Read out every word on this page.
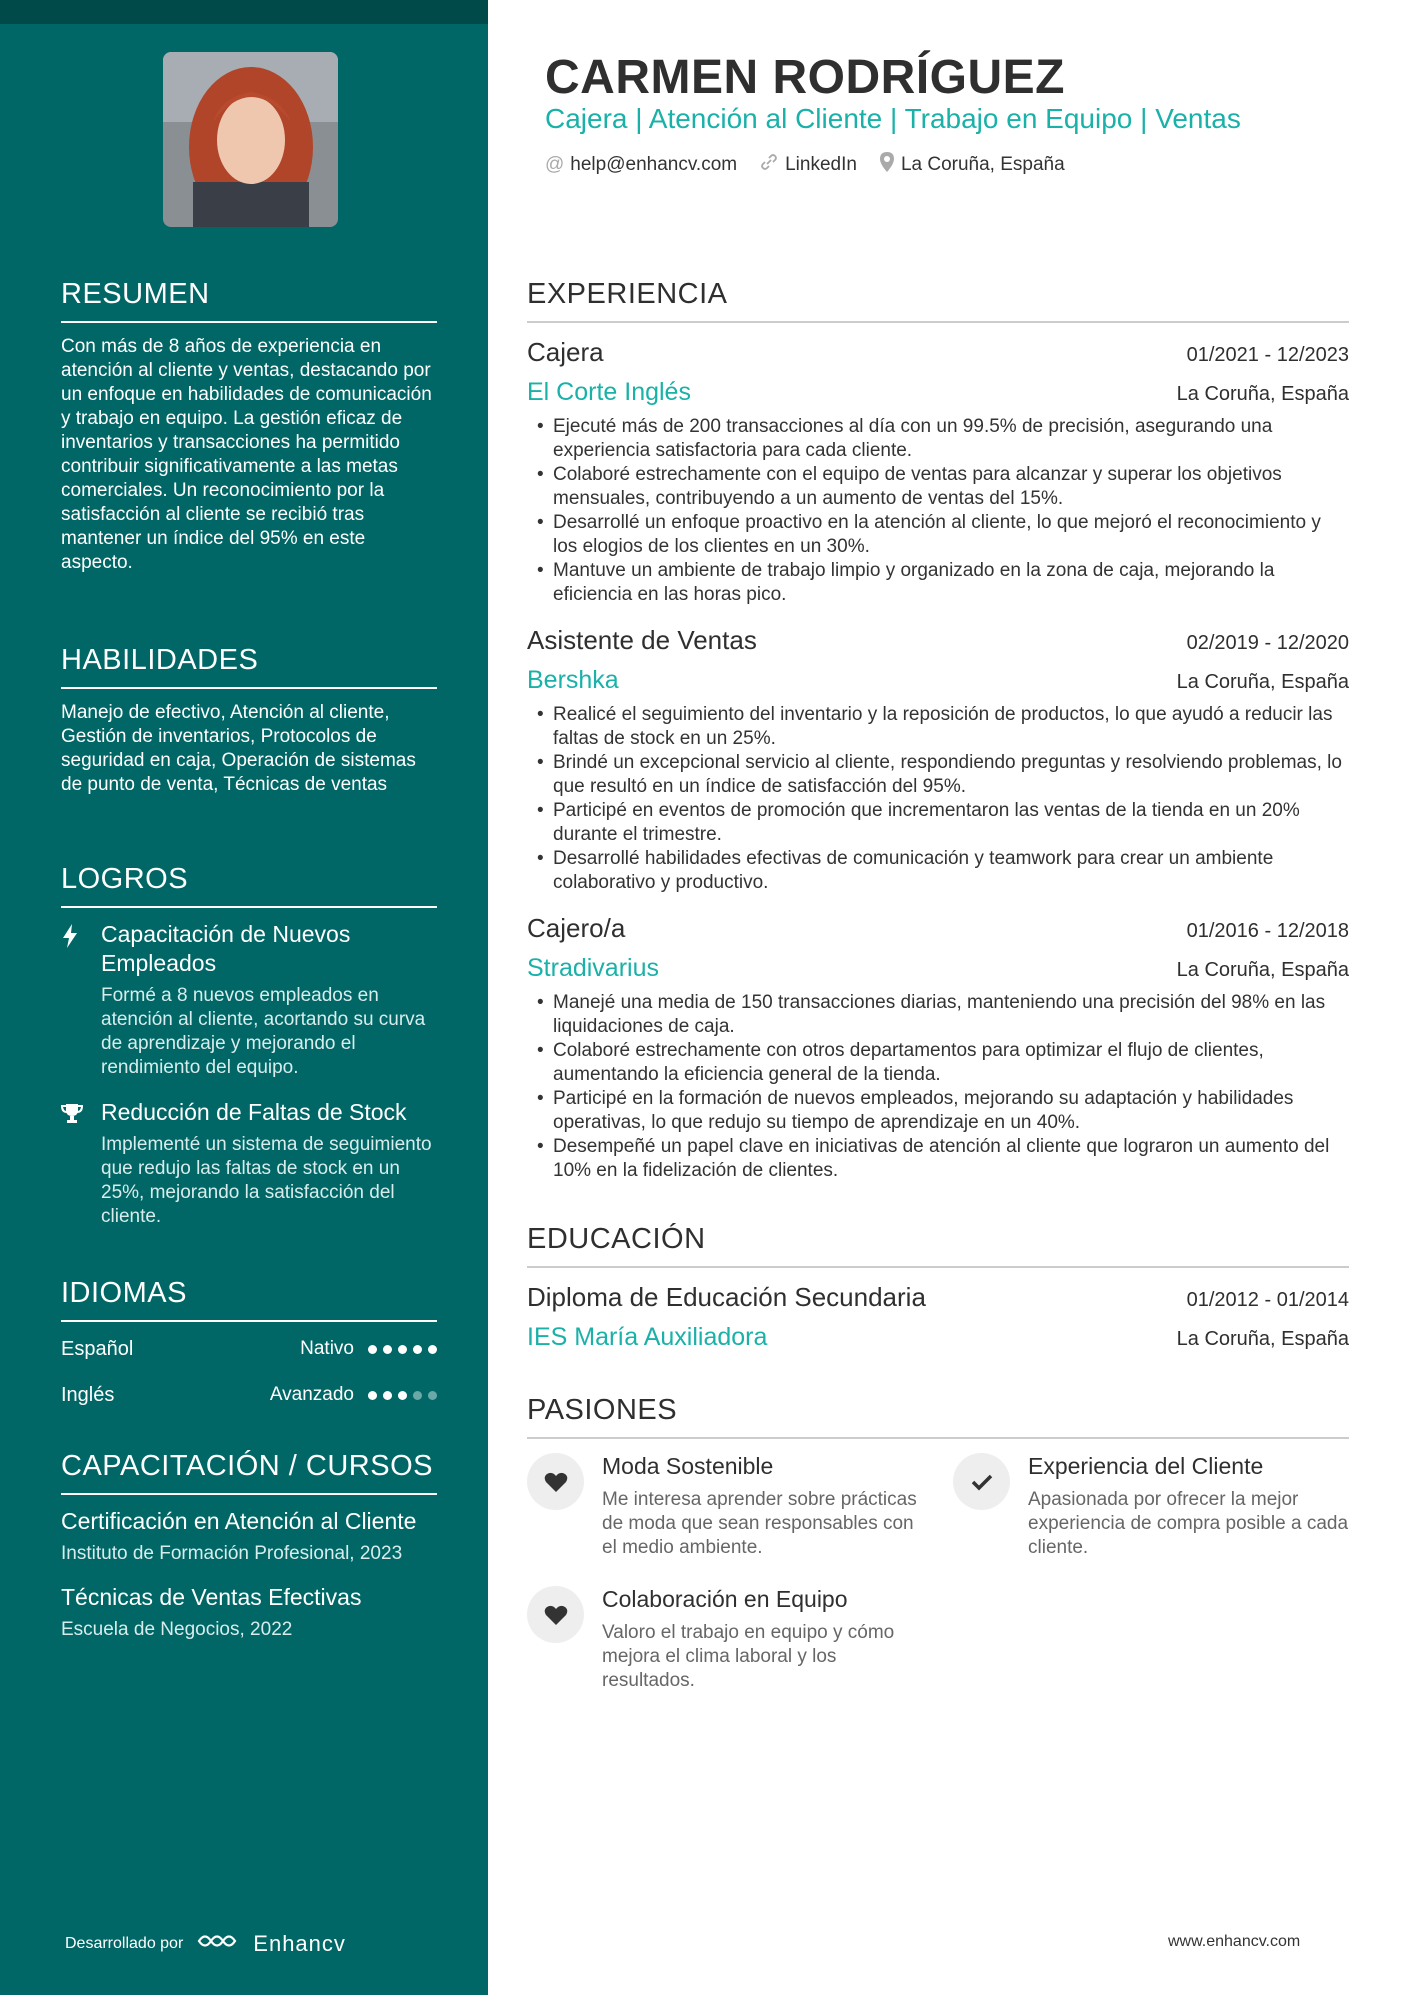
RESUMEN
Con más de 8 años de experiencia en atención al cliente y ventas, destacando por un enfoque en habilidades de comunicación y trabajo en equipo. La gestión eficaz de inventarios y transacciones ha permitido contribuir significativamente a las metas comerciales. Un reconocimiento por la satisfacción al cliente se recibió tras mantener un índice del 95% en este aspecto.
HABILIDADES
Manejo de efectivo, Atención al cliente, Gestión de inventarios, Protocolos de seguridad en caja, Operación de sistemas de punto de venta, Técnicas de ventas
LOGROS
Capacitación de Nuevos Empleados
Formé a 8 nuevos empleados en atención al cliente, acortando su curva de aprendizaje y mejorando el rendimiento del equipo.
Reducción de Faltas de Stock
Implementé un sistema de seguimiento que redujo las faltas de stock en un 25%, mejorando la satisfacción del cliente.
IDIOMAS
Español	Nativo
Inglés	Avanzado
CAPACITACIÓN / CURSOS
Certificación en Atención al Cliente
Instituto de Formación Profesional, 2023
Técnicas de Ventas Efectivas
Escuela de Negocios, 2022
Desarrollado por	Enhancv
CARMEN RODRÍGUEZ
Cajera | Atención al Cliente | Trabajo en Equipo | Ventas
@ help@enhancv.com	LinkedIn La Coruña, España
EXPERIENCIA
Cajera	01/2021 - 12/2023
El Corte Inglés	La Coruña, España
• Ejecuté más de 200 transacciones al día con un 99.5% de precisión, asegurando una experiencia satisfactoria para cada cliente.
• Colaboré estrechamente con el equipo de ventas para alcanzar y superar los objetivos mensuales, contribuyendo a un aumento de ventas del 15%.
• Desarrollé un enfoque proactivo en la atención al cliente, lo que mejoró el reconocimiento y los elogios de los clientes en un 30%.
• Mantuve un ambiente de trabajo limpio y organizado en la zona de caja, mejorando la eficiencia en las horas pico.
Asistente de Ventas	02/2019 - 12/2020
Bershka	La Coruña, España
• Realicé el seguimiento del inventario y la reposición de productos, lo que ayudó a reducir las faltas de stock en un 25%.
• Brindé un excepcional servicio al cliente, respondiendo preguntas y resolviendo problemas, lo que resultó en un índice de satisfacción del 95%.
• Participé en eventos de promoción que incrementaron las ventas de la tienda en un 20% durante el trimestre.
• Desarrollé habilidades efectivas de comunicación y teamwork para crear un ambiente colaborativo y productivo.
Cajero/a	01/2016 - 12/2018
Stradivarius	La Coruña, España
• Manejé una media de 150 transacciones diarias, manteniendo una precisión del 98% en las liquidaciones de caja.
• Colaboré estrechamente con otros departamentos para optimizar el flujo de clientes, aumentando la eficiencia general de la tienda.
• Participé en la formación de nuevos empleados, mejorando su adaptación y habilidades operativas, lo que redujo su tiempo de aprendizaje en un 40%.
• Desempeñé un papel clave en iniciativas de atención al cliente que lograron un aumento del 10% en la fidelización de clientes.
EDUCACIÓN
Diploma de Educación Secundaria	01/2012 - 01/2014
IES María Auxiliadora	La Coruña, España
PASIONES
Moda Sostenible
Me interesa aprender sobre prácticas de moda que sean responsables con el medio ambiente.
Experiencia del Cliente
Apasionada por ofrecer la mejor experiencia de compra posible a cada cliente.
Colaboración en Equipo
Valoro el trabajo en equipo y cómo mejora el clima laboral y los resultados.
www.enhancv.com
